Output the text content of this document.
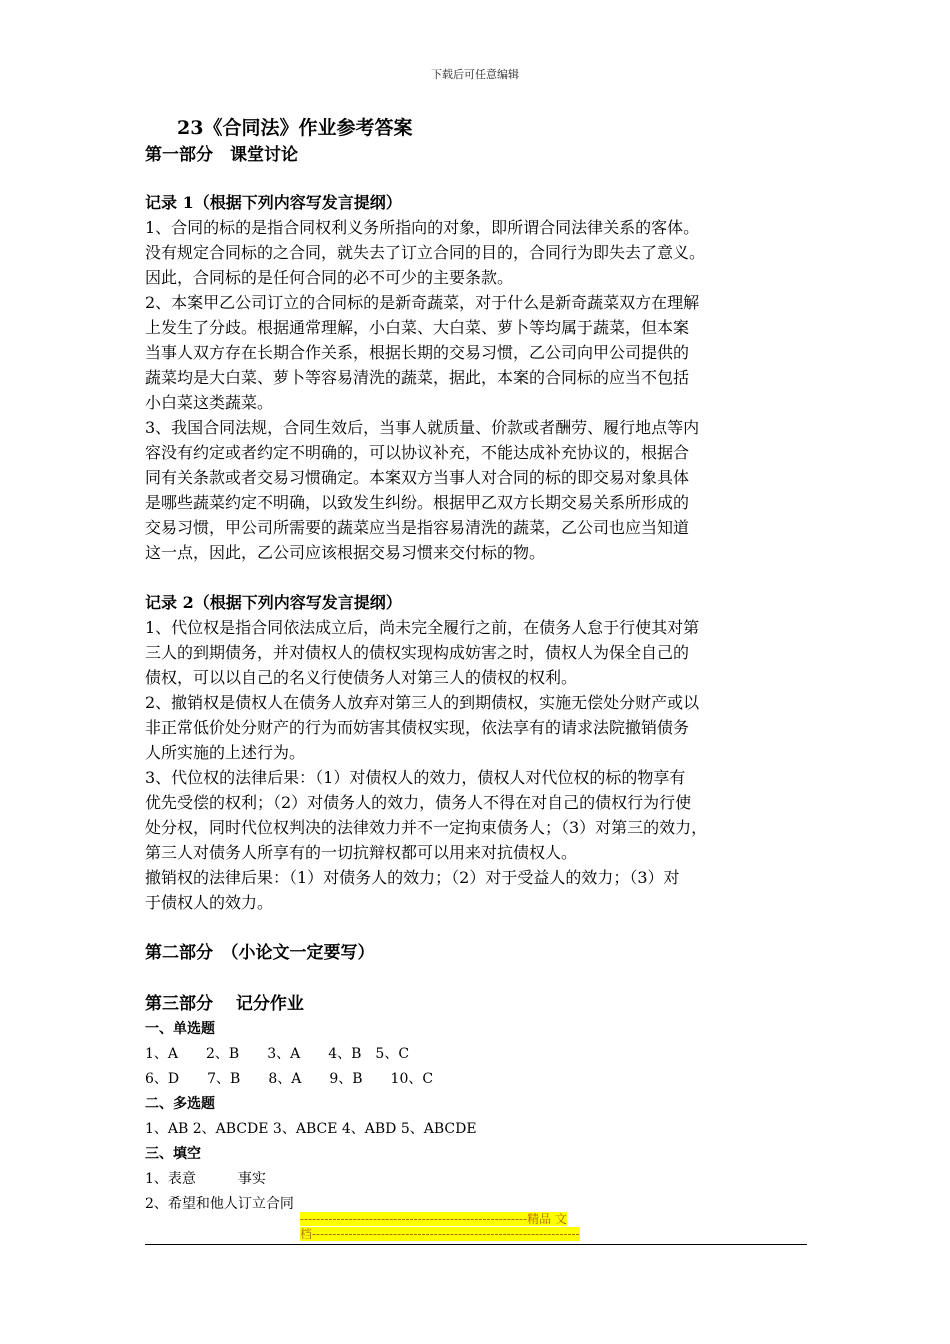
下载后可任意编辑
23《合同法》作业参考答案
第一部分　课堂讨论
记录 1（根据下列内容写发言提纲）
1、合同的标的是指合同权利义务所指向的对象，即所谓合同法律关系的客体。
没有规定合同标的之合同，就失去了订立合同的目的，合同行为即失去了意义。
因此，合同标的是任何合同的必不可少的主要条款。
2、本案甲乙公司订立的合同标的是新奇蔬菜，对于什么是新奇蔬菜双方在理解
上发生了分歧。根据通常理解，小白菜、大白菜、萝卜等均属于蔬菜，但本案
当事人双方存在长期合作关系，根据长期的交易习惯，乙公司向甲公司提供的
蔬菜均是大白菜、萝卜等容易清洗的蔬菜，据此，本案的合同标的应当不包括
小白菜这类蔬菜。
3、我国合同法规，合同生效后，当事人就质量、价款或者酬劳、履行地点等内
容没有约定或者约定不明确的，可以协议补充，不能达成补充协议的，根据合
同有关条款或者交易习惯确定。本案双方当事人对合同的标的即交易对象具体
是哪些蔬菜约定不明确，以致发生纠纷。根据甲乙双方长期交易关系所形成的
交易习惯，甲公司所需要的蔬菜应当是指容易清洗的蔬菜，乙公司也应当知道
这一点，因此，乙公司应该根据交易习惯来交付标的物。
记录 2（根据下列内容写发言提纲）
1、代位权是指合同依法成立后，尚未完全履行之前，在债务人怠于行使其对第
三人的到期债务，并对债权人的债权实现构成妨害之时，债权人为保全自己的
债权，可以以自己的名义行使债务人对第三人的债权的权利。
2、撤销权是债权人在债务人放弃对第三人的到期债权，实施无偿处分财产或以
非正常低价处分财产的行为而妨害其债权实现，依法享有的请求法院撤销债务
人所实施的上述行为。
3、代位权的法律后果：（1）对债权人的效力，债权人对代位权的标的物享有
优先受偿的权利；（2）对债务人的效力，债务人不得在对自己的债权行为行使
处分权，同时代位权判决的法律效力并不一定拘束债务人；（3）对第三的效力，
第三人对债务人所享有的一切抗辩权都可以用来对抗债权人。
撤销权的法律后果：（1）对债务人的效力；（2）对于受益人的效力；（3）对
于债权人的效力。
第二部分　（小论文一定要写）
第三部分　 记分作业
一、单选题
1、A　　2、B　　3、A　　4、B　5、C
6、D　　7、B　　8、A　　9、B　　10、C
二、多选题
1、AB 2、ABCDE 3、ABCE 4、ABD 5、ABCDE
三、填空
1、表意　　　事实
2、希望和他人订立合同
--------------------------------------------------------精品 文
档------------------------------------------------------------------
